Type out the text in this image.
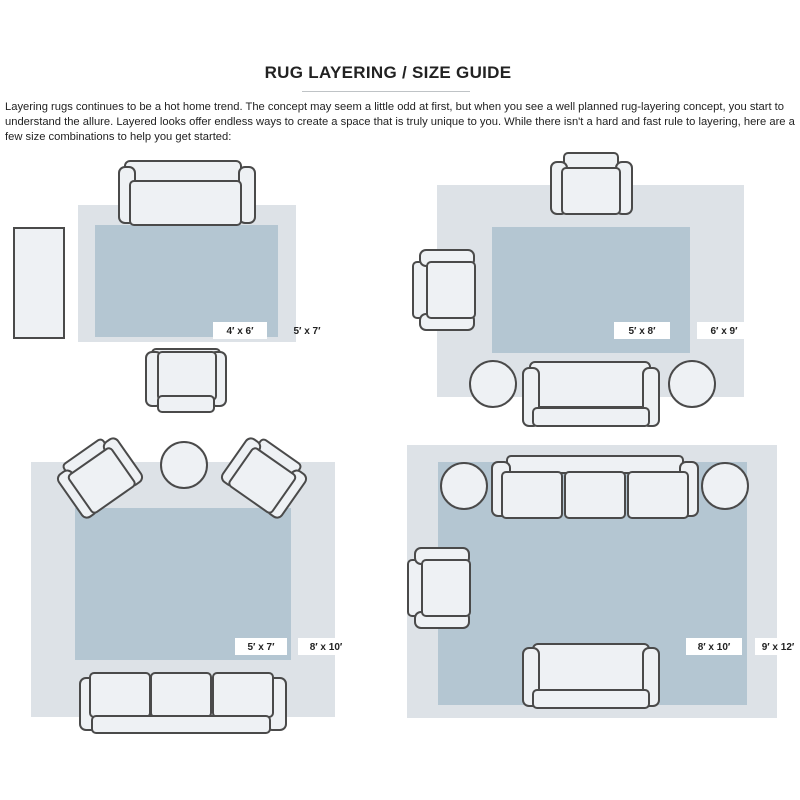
RUG LAYERING / SIZE GUIDE

Layering rugs continues to be a hot home trend. The concept may seem a little odd at first, but when you see a well planned rug-layering concept, you start to understand the allure. Layered looks offer endless ways to create a space that is truly unique to you. While there isn't a hard and fast rule to layering, here are a few size combinations to help you get started:

4′ x 6′	5′ x 7′	5′ x 8′	6′ x 9′
5′ x 7′	8′ x 10′	8′ x 10′	9′ x 12′
